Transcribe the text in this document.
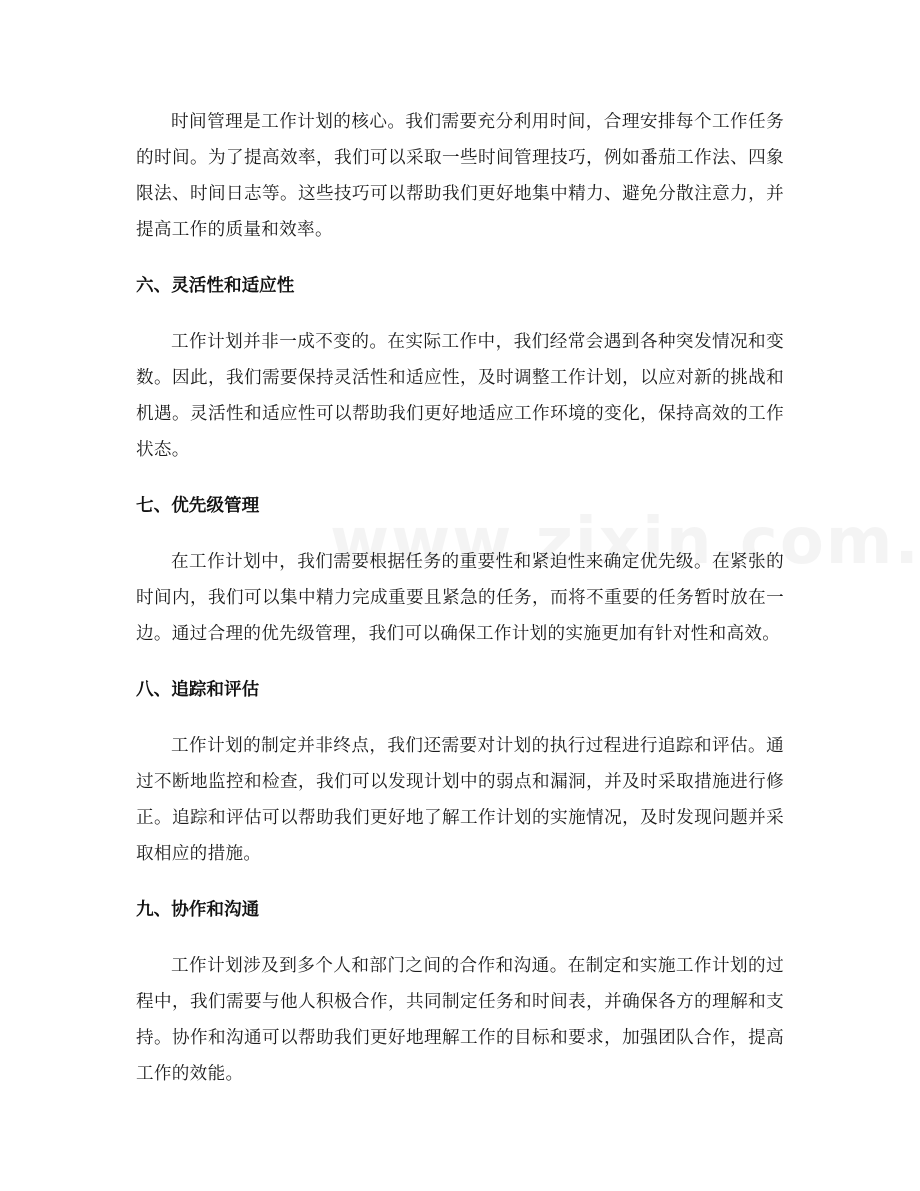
时间管理是工作计划的核心。我们需要充分利用时间，合理安排每个工作任务的时间。为了提高效率，我们可以采取一些时间管理技巧，例如番茄工作法、四象限法、时间日志等。这些技巧可以帮助我们更好地集中精力、避免分散注意力，并提高工作的质量和效率。

六、灵活性和适应性

工作计划并非一成不变的。在实际工作中，我们经常会遇到各种突发情况和变数。因此，我们需要保持灵活性和适应性，及时调整工作计划，以应对新的挑战和机遇。灵活性和适应性可以帮助我们更好地适应工作环境的变化，保持高效的工作状态。

七、优先级管理

在工作计划中，我们需要根据任务的重要性和紧迫性来确定优先级。在紧张的时间内，我们可以集中精力完成重要且紧急的任务，而将不重要的任务暂时放在一边。通过合理的优先级管理，我们可以确保工作计划的实施更加有针对性和高效。

八、追踪和评估

工作计划的制定并非终点，我们还需要对计划的执行过程进行追踪和评估。通过不断地监控和检查，我们可以发现计划中的弱点和漏洞，并及时采取措施进行修正。追踪和评估可以帮助我们更好地了解工作计划的实施情况，及时发现问题并采取相应的措施。

九、协作和沟通

工作计划涉及到多个人和部门之间的合作和沟通。在制定和实施工作计划的过程中，我们需要与他人积极合作，共同制定任务和时间表，并确保各方的理解和支持。协作和沟通可以帮助我们更好地理解工作的目标和要求，加强团队合作，提高工作的效能。
